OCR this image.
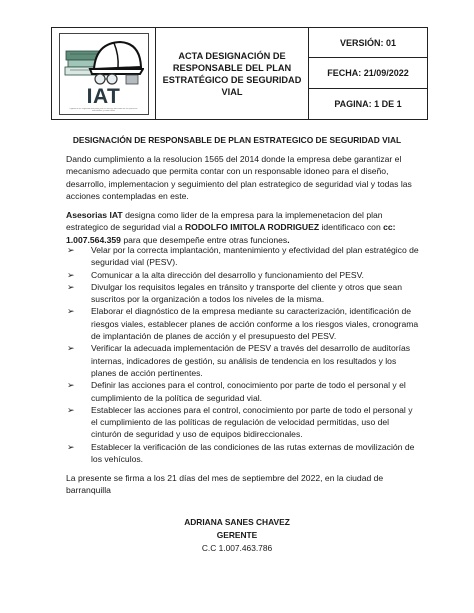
IAT
Ingenieria en seguridad industrial para el manejo adecuado de sus procesos industriales y comerciales
ACTA DESIGNACIÓN DE RESPONSABLE DEL PLAN ESTRATÉGICO DE SEGURIDAD VIAL
VERSIÓN: 01
FECHA: 21/09/2022
PAGINA: 1 DE 1
DESIGNACIÓN DE RESPONSABLE DE PLAN ESTRATEGICO DE SEGURIDAD VIAL
Dando cumplimiento a la resolucion 1565 del 2014 donde la empresa debe garantizar el mecanismo adecuado que permita contar con un responsable idoneo para el diseño, desarrollo, implementacion y seguimiento del plan estrategico de seguridad vial y todas las acciones contempladas en este.
Asesorias IAT designa como lider de la empresa para la implemenetacion del plan estrategico de seguridad vial a RODOLFO IMITOLA RODRIGUEZ identificaco con cc: 1.007.564.359 para que desempeñe entre otras funciones.
➢ Velar por la correcta implantación, mantenimiento y efectividad del plan estratégico de seguridad vial (PESV).
➢ Comunicar a la alta dirección del desarrollo y funcionamiento del PESV.
➢ Divulgar los requisitos legales en tránsito y transporte del cliente y otros que sean suscritos por la organización a todos los niveles de la misma.
➢ Elaborar el diagnóstico de la empresa mediante su caracterización, identificación de riesgos viales, establecer planes de acción conforme a los riesgos viales, cronograma de implantación de planes de acción y el presupuesto del PESV.
➢ Verificar la adecuada implementación de PESV a través del desarrollo de auditorías internas, indicadores de gestión, su análisis de tendencia en los resultados y los planes de acción pertinentes.
➢ Definir las acciones para el control, conocimiento por parte de todo el personal y el cumplimiento de la política de seguridad vial.
➢ Establecer las acciones para el control, conocimiento por parte de todo el personal y el cumplimiento de las políticas de regulación de velocidad permitidas, uso del cinturón de seguridad y uso de equipos bidireccionales.
➢ Establecer la verificación de las condiciones de las rutas externas de movilización de los vehículos.
La presente se firma a los 21 días del mes de septiembre del 2022, en la ciudad de barranquilla
ADRIANA SANES CHAVEZ
GERENTE
C.C 1.007.463.786
